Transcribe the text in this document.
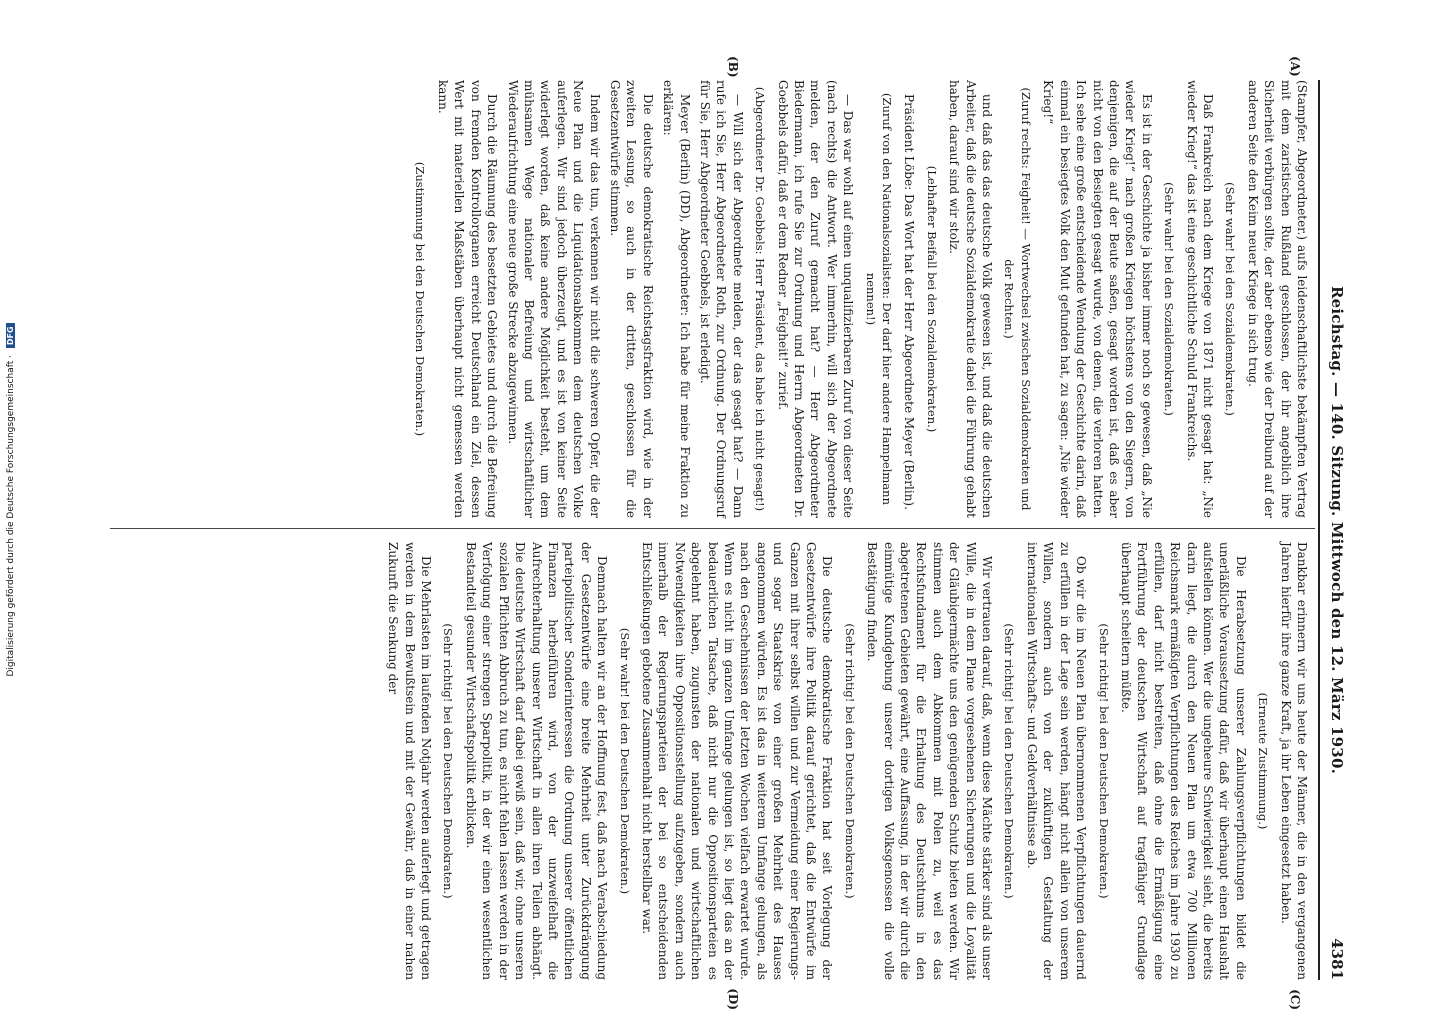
Digitalisierung gefördert durch die Deutsche Forschungsgemeinschaft · DFG	Reichstag. — 140. Sitzung. Mittwoch den 12. März 1930.
4381
(A)
(B)
(C)
(D)

(Stampfer, Abgeordneter.) aufs leidenschaftlichste bekämpften Vertrag mit dem zaristischen Rußland geschlossen, der ihr angeblich ihre Sicherheit verbürgen sollte, der aber ebenso wie der Dreibund auf der anderen Seite den Keim neuer Kriege in sich trug.

(Sehr wahr! bei den Sozialdemokraten.)

Daß Frankreich nach dem Kriege von 1871 nicht gesagt hat: „Nie wieder Krieg!“ das ist eine geschichtliche Schuld Frankreichs.

(Sehr wahr! bei den Sozialdemokraten.)

Es ist in der Geschichte ja bisher immer noch so gewesen, daß „Nie wieder Krieg!“ nach großen Kriegen höchstens von den Siegern, von denjenigen, die auf der Beute saßen, gesagt worden ist, daß es aber nicht von den Besiegten gesagt wurde, von denen, die verloren hatten. Ich sehe eine große entscheidende Wendung der Geschichte darin, daß einmal ein besiegtes Volk den Mut gefunden hat, zu sagen: „Nie wieder Krieg!“

(Zuruf rechts: Feigheit! — Wortwechsel zwischen Sozialdemokraten und der Rechten.)

und daß das das deutsche Volk gewesen ist, und daß die deutschen Arbeiter, daß die deutsche Sozialdemokratie dabei die Führung gehabt haben, darauf sind wir stolz.

(Lebhafter Beifall bei den Sozialdemokraten.)

Präsident Löbe: Das Wort hat der Herr Abgeordnete Meyer (Berlin).

(Zuruf von den Nationalsozialisten: Der darf hier andere Hampelmann nennen!)

— Das war wohl auf einen unqualifizierbaren Zuruf von dieser Seite (nach rechts) die Antwort. Wer immerhin, will sich der Abgeordnete melden, der den Zuruf gemacht hat? — Herr Abgeordneter Biedermann, ich rufe Sie zur Ordnung und Herrn Abgeordneten Dr. Goebbels dafür, daß er dem Redner „Feigheit!“ zurief.

(Abgeordneter Dr. Goebbels: Herr Präsident, das habe ich nicht gesagt!)

— Will sich der Abgeordnete melden, der das gesagt hat? — Dann rufe ich Sie, Herr Abgeordneter Roth, zur Ordnung. Der Ordnungsruf für Sie, Herr Abgeordneter Goebbels, ist erledigt.

Meyer (Berlin) (DD), Abgeordneter: Ich habe für meine Fraktion zu erklären:

Die deutsche demokratische Reichstagsfraktion wird, wie in der zweiten Lesung, so auch in der dritten, geschlossen für die Gesetzentwürfe stimmen.

Indem wir das tun, verkennen wir nicht die schweren Opfer, die der Neue Plan und die Liquidationsabkommen dem deutschen Volke auferlegen. Wir sind jedoch überzeugt, und es ist von keiner Seite widerlegt worden, daß keine andere Möglichkeit besteht, um dem mühsamen Wege nationaler Befreiung und wirtschaftlicher Wiederaufrichtung eine neue große Strecke abzugewinnen.

Durch die Räumung des besetzten Gebietes und durch die Befreiung von fremden Kontrollorganen erreicht Deutschland ein Ziel, dessen Wert mit materiellen Maßstäben überhaupt nicht gemessen werden kann.

(Zustimmung bei den Deutschen Demokraten.)

Dankbar erinnern wir uns heute der Männer, die in den vergangenen Jahren hierfür ihre ganze Kraft, ja ihr Leben eingesetzt haben.

(Erneute Zustimmung.)

Die Herabsetzung unserer Zahlungsverpflichtungen bildet die unerläßliche Voraussetzung dafür, daß wir überhaupt einen Haushalt aufstellen können. Wer die ungeheure Schwierigkeit sieht, die bereits darin liegt, die durch den Neuen Plan um etwa 700 Millionen Reichsmark ermäßigten Verpflichtungen des Reiches im Jahre 1930 zu erfüllen, darf nicht bestreiten, daß ohne die Ermäßigung eine Fortführung der deutschen Wirtschaft auf tragfähiger Grundlage überhaupt scheitern müßte.

(Sehr richtig! bei den Deutschen Demokraten.)

Ob wir die im Neuen Plan übernommenen Verpflichtungen dauernd zu erfüllen in der Lage sein werden, hängt nicht allein von unserem Willen, sondern auch von der zukünftigen Gestaltung der internationalen Wirtschafts- und Geldverhältnisse ab.

(Sehr richtig! bei den Deutschen Demokraten.)

Wir vertrauen darauf, daß, wenn diese Mächte stärker sind als unser Wille, die in dem Plane vorgesehenen Sicherungen und die Loyalität der Gläubigermächte uns den genügenden Schutz bieten werden. Wir stimmen auch dem Abkommen mit Polen zu, weil es das Rechtsfundament für die Erhaltung des Deutschtums in den abgetretenen Gebieten gewährt, eine Auffassung, in der wir durch die einmütige Kundgebung unserer dortigen Volksgenossen die volle Bestätigung finden.

(Sehr richtig! bei den Deutschen Demokraten.)

Die deutsche demokratische Fraktion hat seit Vorlegung der Gesetzentwürfe ihre Politik darauf gerichtet, daß die Entwürfe im Ganzen mit ihrer selbst willen und zur Vermeidung einer Regierungs- und sogar Staatskrise von einer großen Mehrheit des Hauses angenommen würden. Es ist das in weiterem Umfange gelungen, als nach den Geschehnissen der letzten Wochen vielfach erwartet wurde. Wenn es nicht im ganzen Umfange gelungen ist, so liegt das an der bedauerlichen Tatsache, daß nicht nur die Oppositionsparteien es abgelehnt haben, zugunsten der nationalen und wirtschaftlichen Notwendigkeiten ihre Oppositionsstellung aufzugeben, sondern auch innerhalb der Regierungsparteien der bei so entscheidenden Entschließungen gebotene Zusammenhalt nicht herstellbar war.

(Sehr wahr! bei den Deutschen Demokraten.)

Demnach halten wir an der Hoffnung fest, daß nach Verabschiedung der Gesetzentwürfe eine breite Mehrheit unter Zurückdrängung parteipolitischer Sonderinteressen die Ordnung unserer öffentlichen Finanzen herbeiführen wird, von der unzweifelhaft die Aufrechterhaltung unserer Wirtschaft in allen ihren Teilen abhängt. Die deutsche Wirtschaft darf dabei gewiß sein, daß wir, ohne unseren sozialen Pflichten Abbruch zu tun, es nicht fehlen lassen werden in der Verfolgung einer strengen Sparpolitik, in der wir einen wesentlichen Bestandteil gesunder Wirtschaftspolitik erblicken.

(Sehr richtig! bei den Deutschen Demokraten.)

Die Mehrlasten im laufenden Notjahr werden auferlegt und getragen werden in dem Bewußtsein und mit der Gewähr, daß in einer nahen Zukunft die Senkung der
